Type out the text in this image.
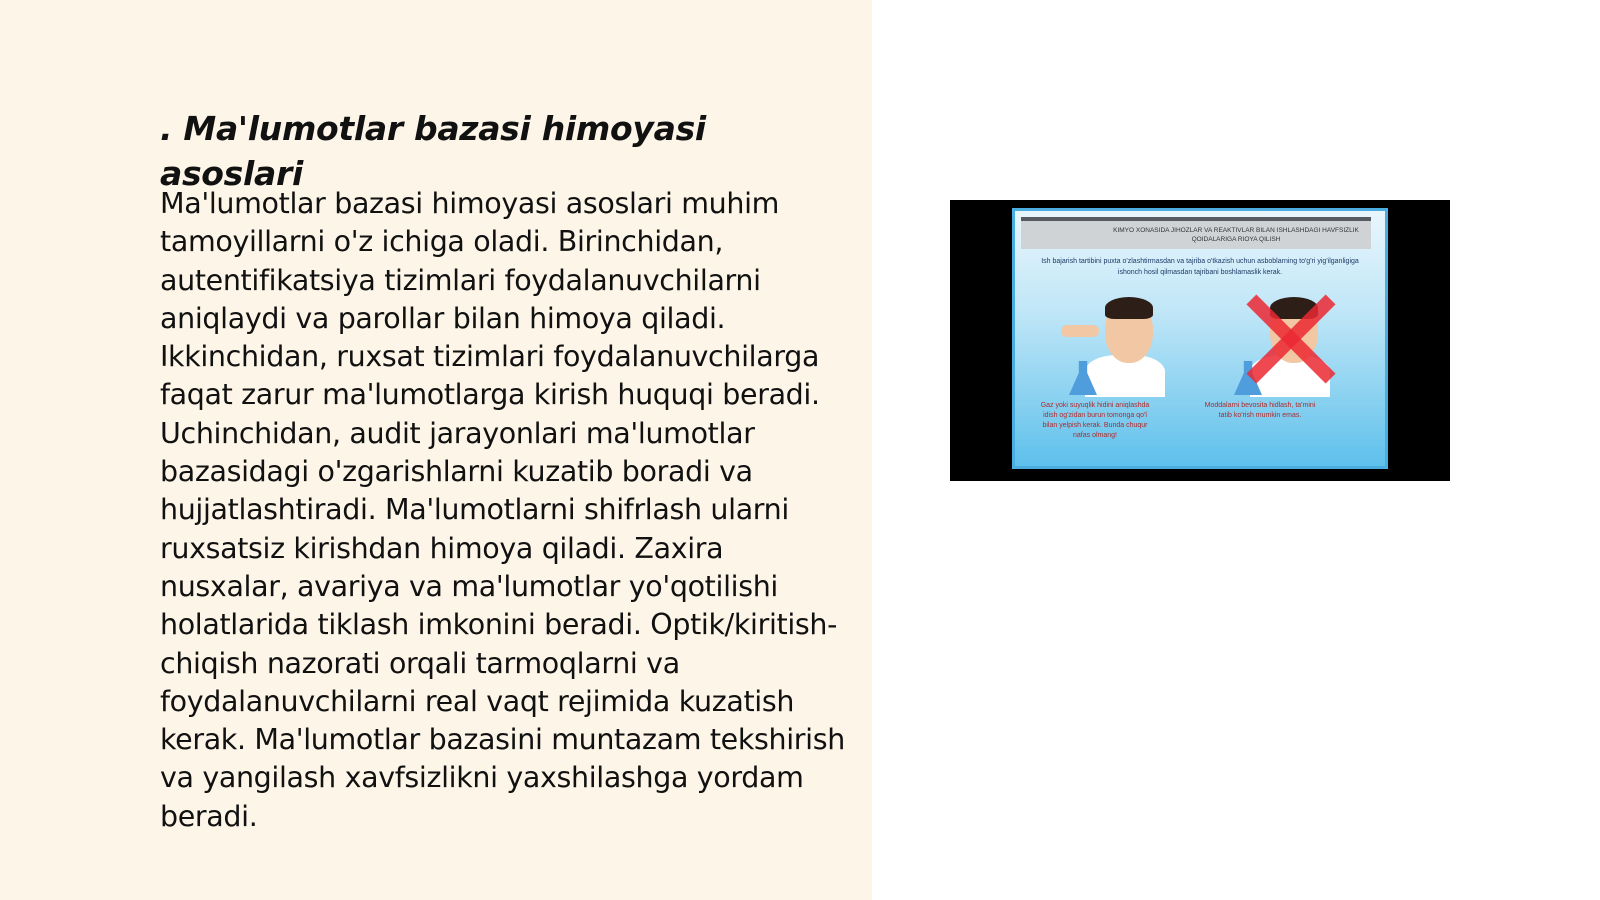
. Ma'lumotlar bazasi himoyasi asoslari

Ma'lumotlar bazasi himoyasi asoslari muhim tamoyillarni o'z ichiga oladi. Birinchidan, autentifikatsiya tizimlari foydalanuvchilarni aniqlaydi va parollar bilan himoya qiladi. Ikkinchidan, ruxsat tizimlari foydalanuvchilarga faqat zarur ma'lumotlarga kirish huquqi beradi. Uchinchidan, audit jarayonlari ma'lumotlar bazasidagi o'zgarishlarni kuzatib boradi va hujjatlashtiradi. Ma'lumotlarni shifrlash ularni ruxsatsiz kirishdan himoya qiladi. Zaxira nusxalar, avariya va ma'lumotlar yo'qotilishi holatlarida tiklash imkonini beradi. Optik/kiritish-chiqish nazorati orqali tarmoqlarni va foydalanuvchilarni real vaqt rejimida kuzatish kerak. Ma'lumotlar bazasini muntazam tekshirish va yangilash xavfsizlikni yaxshilashga yordam beradi.

KIMYO XONASIDA JIHOZLAR VA REAKTIVLAR BILAN ISHLASHDAGI HAVFSIZLIK QOIDALARIGA RIOYA QILISH
Ish bajarish tartibini puxta o'zlashtirmasdan va tajriba o'tkazish uchun asboblarning to'g'ri yig'ilganligiga ishonch hosil qilmasdan tajribani boshlamaslik kerak.
Gaz yoki suyuqlik hidini aniqlashda idish og'zidan burun tomonga qo'l bilan yelpish kerak. Bunda chuqur nafas olmang!
Moddalarni bevosita hidlash, ta'mini tatib ko'rish mumkin emas.
